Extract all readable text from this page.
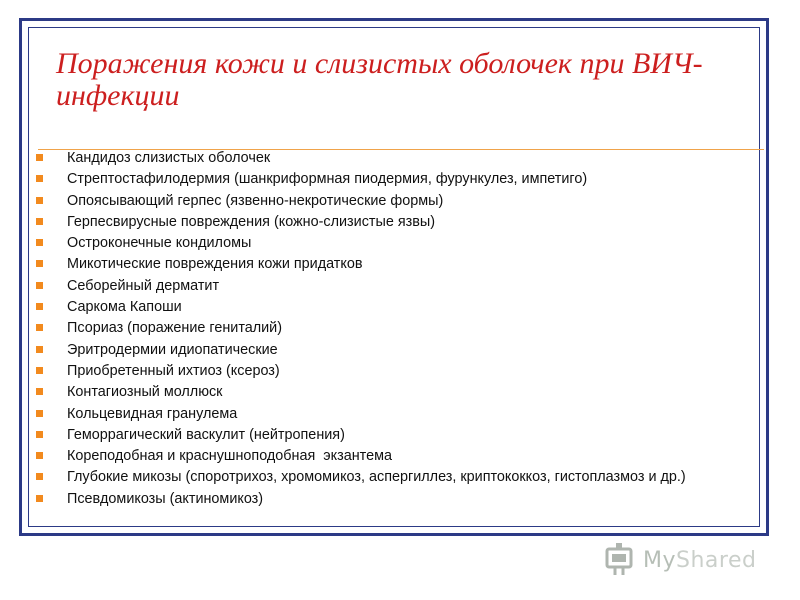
Поражения кожи и слизистых оболочек при ВИЧ-инфекции
Кандидоз слизистых оболочек
Стрептостафилодермия (шанкриформная пиодермия, фурункулез, импетиго)
Опоясывающий герпес (язвенно-некротические формы)
Герпесвирусные повреждения (кожно-слизистые язвы)
Остроконечные кондиломы
Микотические повреждения кожи придатков
Себорейный дерматит
Саркома Капоши
Псориаз (поражение гениталий)
Эритродермии идиопатические
Приобретенный ихтиоз (ксероз)
Контагиозный моллюск
Кольцевидная гранулема
Геморрагический васкулит (нейтропения)
Кореподобная и краснушноподобная  экзантема
Глубокие микозы (споротрихоз, хромомикоз, аспергиллез, криптококкоз, гистоплазмоз и др.)
Псевдомикозы (актиномикоз)
MyShared
